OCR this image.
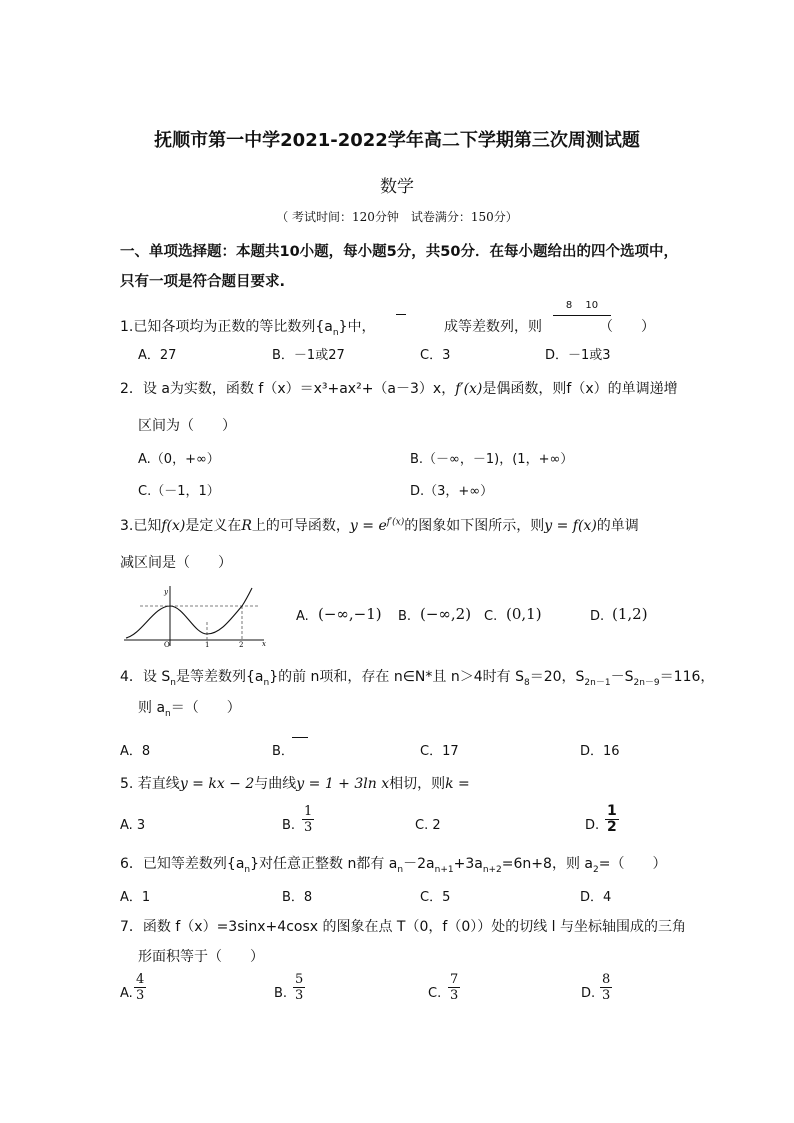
抚顺市第一中学2021-2022学年高二下学期第三次周测试题
数学
（ 考试时间：120分钟　试卷满分：150分）
一、单项选择题：本题共10小题，每小题5分，共50分．在每小题给出的四个选项中，
只有一项是符合题目要求.
8　 10
1.已知各项均为正数的等比数列$\{a_n\}$中，	成等差数列，则	（　　）
A．27	B．－1或27	C．3	D．－1或3
2．设 a为实数，函数 f（x）＝x³+ax²+（a－3）x，f′(x)是偶函数，则f（x）的单调递增
区间为（　　）
A.（0，+∞）	B.（－∞，－1)，(1，+∞）
C.（－1，1）	D.（3，+∞）
3.已知f(x)是定义在R上的可导函数，$y = e^{f'(x)}$的图象如下图所示，则y = f(x)的单调
减区间是（　　）
y
x
O	1	2
A. (−∞,−1) B. (−∞,2) C. (0,1)	D. (1,2)
4．设 $S_n$是等差数列$\{a_n\}$的前 n项和，存在 n∈N*且 n＞4时有 $S_8=20$，$S_{2n-1}-S_{2n-9}=116$，
则 $a_n=$（　　）
A．8	B．	C．17	D．16
5. 若直线y = kx − 2与曲线y = 1 + 3ln x相切，则k =
A. 3	B. $\frac{1}{3}$	C. 2	D. $\frac{1}{2}$
6．已知等差数列$\{a_n\}$对任意正整数 n都有 $a_n-2a_{n+1}+3a_{n+2}=6n+8$，则 $a_2=$（　　）
A．1	B．8	C．5	D．4
7．函数 f（x）=3sinx+4cosx 的图象在点 T（0，f（0））处的切线 l 与坐标轴围成的三角
形面积等于（　　）
A. $\frac{4}{3}$	B. $\frac{5}{3}$	C. $\frac{7}{3}$	D. $\frac{8}{3}$
